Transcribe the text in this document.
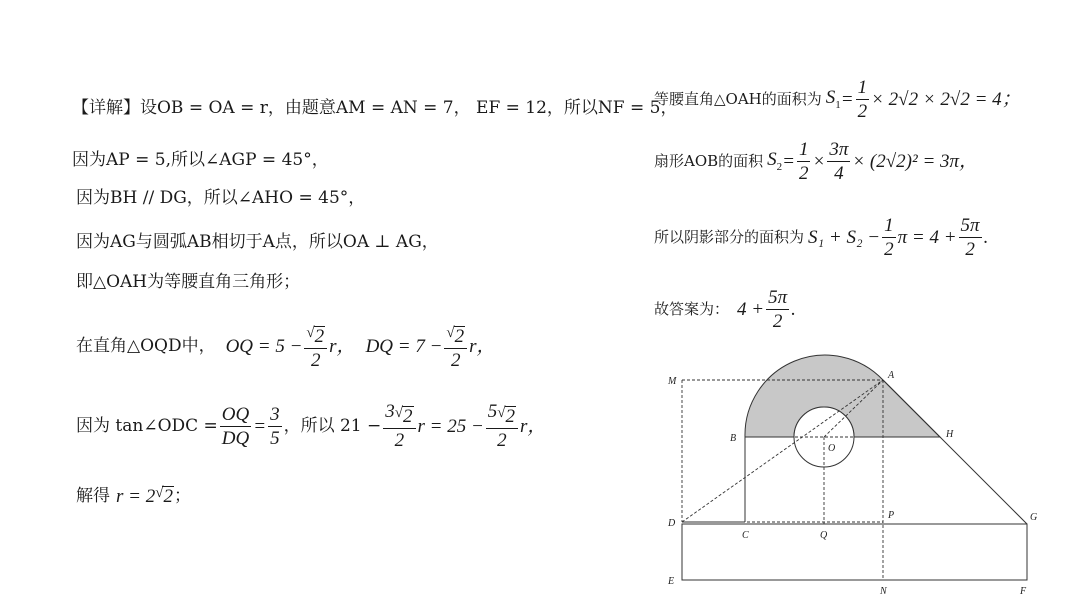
【详解】设OB = OA = r，由题意AM = AN = 7， EF = 12，所以NF = 5，
因为AP = 5,所以∠AGP = 45°，
因为BH // DG，所以∠AHO = 45°，
因为AG与圆弧AB相切于A点，所以OA ⊥ AG，
即△OAH为等腰直角三角形；
在直角△OQD中， OQ = $5 - \frac{√ 2}{2}$ r， DQ = $7 - \frac{√ 2}{2}$ r，
因为 tan∠ODC = $\frac{OQ}{DQ} = \frac{3}{5}$ ，所以 $21 - \frac{3 √ 2}{2}$ $r = 25 - \frac{5 √ 2}{2}$ r，
解得 r = 2 √ 2 ；
等腰直角△OAH的面积为 $S_1 = \frac{1}{2} \times 2√2 \times 2√2 = 4$；
扇形AOB的面积 $S_2 = \frac{1}{2} \times \frac{3\pi}{4} \times (2√2)^2 = 3\pi$，
所以阴影部分的面积为 $S_1 + S_2 - \frac{1}{2}$ $\pi = 4 + \frac{5\pi}{2}$ .
故答案为： $4 + \frac{5\pi}{2}$ .
M
A
B
O
H
D
C	Q
P	G
E
N	F
